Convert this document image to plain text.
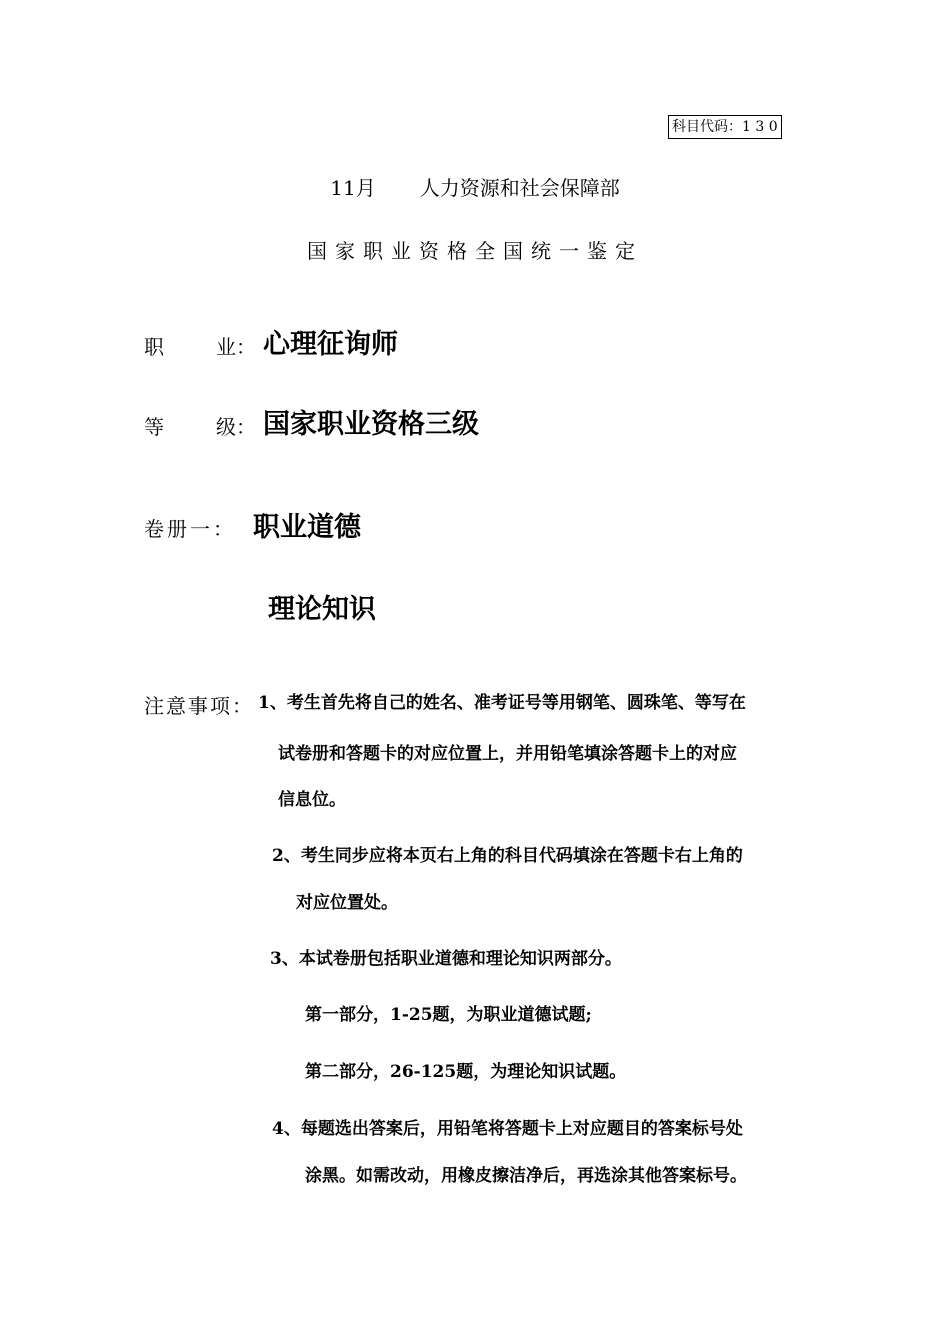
科目代码：1 3 0
11月 人力资源和社会保障部
国家职业资格全国统一鉴定
职	业： 心理征询师
等	级： 国家职业资格三级
卷册一： 职业道德
理论知识
注意事项： 1、考生首先将自己的姓名、准考证号等用钢笔、圆珠笔、等写在
试卷册和答题卡的对应位置上，并用铅笔填涂答题卡上的对应
信息位。
2、考生同步应将本页右上角的科目代码填涂在答题卡右上角的
对应位置处。
3、本试卷册包括职业道德和理论知识两部分。
第一部分，1-25题，为职业道德试题;
第二部分，26-125题，为理论知识试题。
4、每题选出答案后，用铅笔将答题卡上对应题目的答案标号处
涂黑。如需改动，用橡皮擦洁净后，再选涂其他答案标号。
